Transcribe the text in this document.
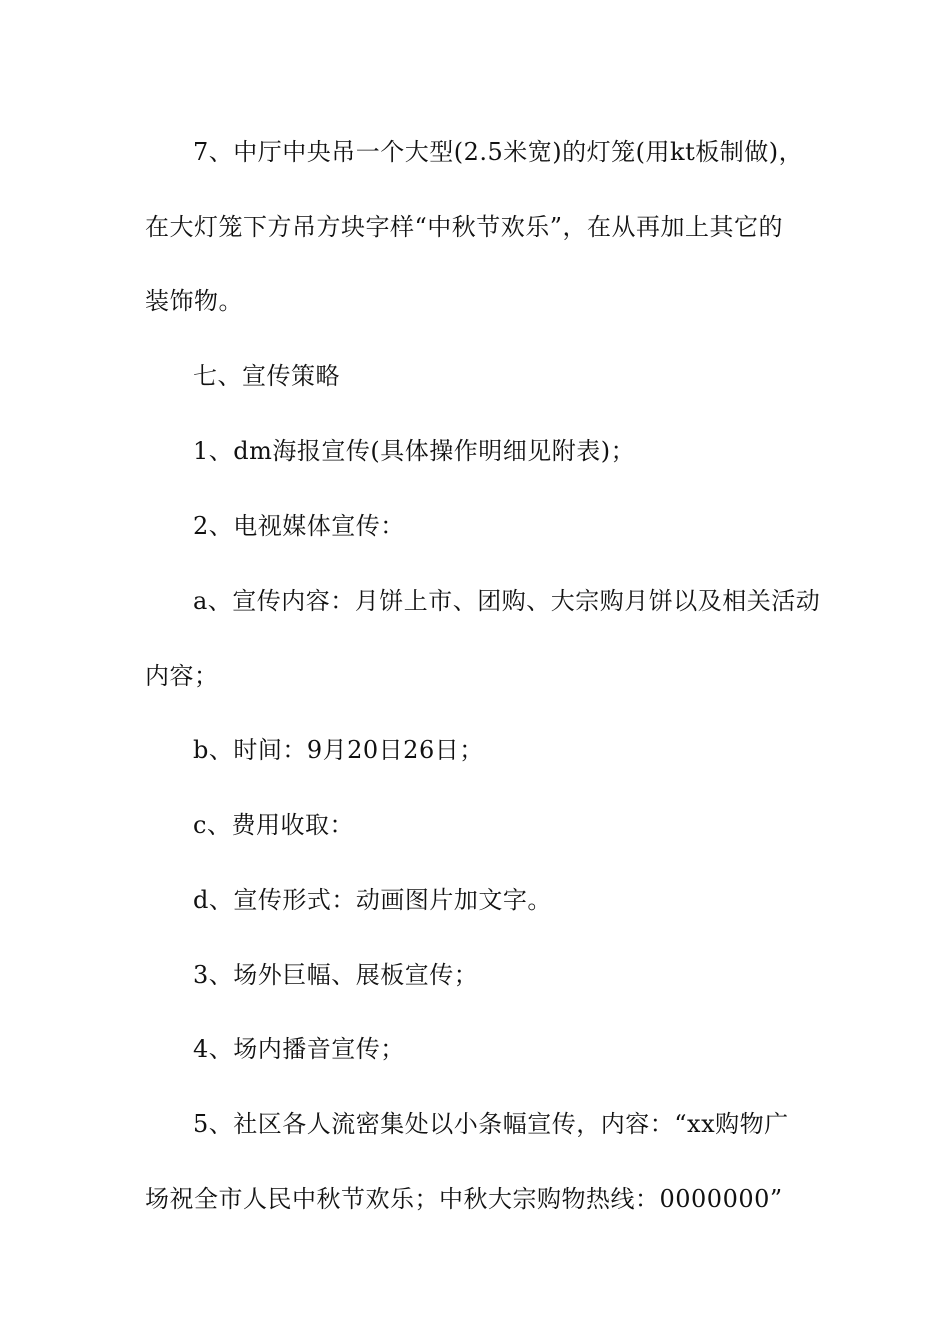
7、中厅中央吊一个大型(2.5米宽)的灯笼(用kt板制做)，
在大灯笼下方吊方块字样“中秋节欢乐”，在从再加上其它的
装饰物。
七、宣传策略
1、dm海报宣传(具体操作明细见附表)；
2、电视媒体宣传：
a、宣传内容：月饼上市、团购、大宗购月饼以及相关活动
内容；
b、时间：9月20日26日；
c、费用收取：
d、宣传形式：动画图片加文字。
3、场外巨幅、展板宣传；
4、场内播音宣传；
5、社区各人流密集处以小条幅宣传，内容：“xx购物广
场祝全市人民中秋节欢乐；中秋大宗购物热线：0000000”
